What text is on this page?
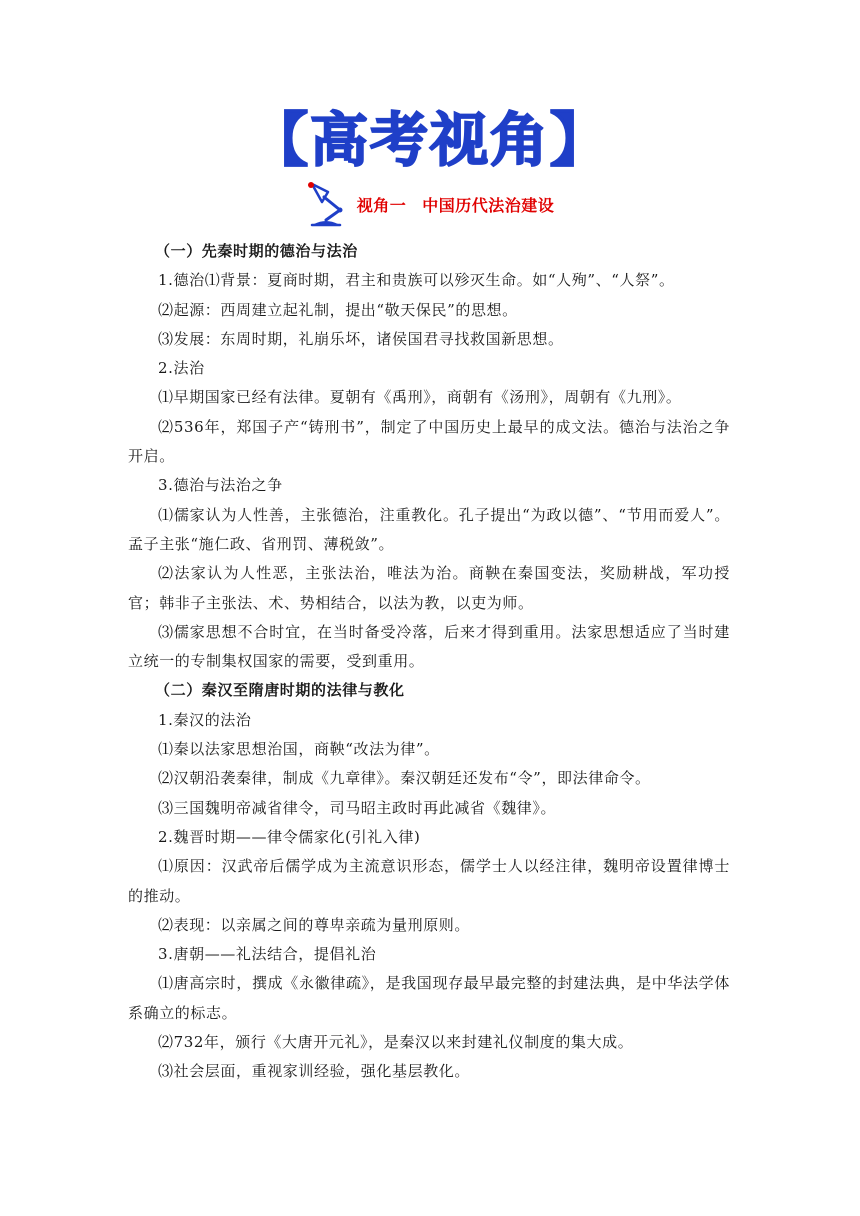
【高考视角】
视角一 中国历代法治建设

（一）先秦时期的德治与法治

1.德治⑴背景：夏商时期，君主和贵族可以殄灭生命。如“人殉”、“人祭”。

⑵起源：西周建立起礼制，提出“敬天保民”的思想。

⑶发展：东周时期，礼崩乐坏，诸侯国君寻找救国新思想。

2.法治

⑴早期国家已经有法律。夏朝有《禹刑》，商朝有《汤刑》，周朝有《九刑》。

⑵536年，郑国子产“铸刑书”，制定了中国历史上最早的成文法。德治与法治之争开启。

3.德治与法治之争

⑴儒家认为人性善，主张德治，注重教化。孔子提出“为政以德”、“节用而爱人”。孟子主张“施仁政、省刑罚、薄税敛”。

⑵法家认为人性恶，主张法治，唯法为治。商鞅在秦国变法，奖励耕战，军功授官；韩非子主张法、术、势相结合，以法为教，以吏为师。

⑶儒家思想不合时宜，在当时备受冷落，后来才得到重用。法家思想适应了当时建立统一的专制集权国家的需要，受到重用。

（二）秦汉至隋唐时期的法律与教化

1.秦汉的法治

⑴秦以法家思想治国，商鞅“改法为律”。

⑵汉朝沿袭秦律，制成《九章律》。秦汉朝廷还发布“令”，即法律命令。

⑶三国魏明帝减省律令，司马昭主政时再此减省《魏律》。

2.魏晋时期——律令儒家化(引礼入律)

⑴原因：汉武帝后儒学成为主流意识形态，儒学士人以经注律，魏明帝设置律博士的推动。

⑵表现：以亲属之间的尊卑亲疏为量刑原则。

3.唐朝——礼法结合，提倡礼治

⑴唐高宗时，撰成《永徽律疏》，是我国现存最早最完整的封建法典，是中华法学体系确立的标志。

⑵732年，颁行《大唐开元礼》，是秦汉以来封建礼仪制度的集大成。

⑶社会层面，重视家训经验，强化基层教化。
